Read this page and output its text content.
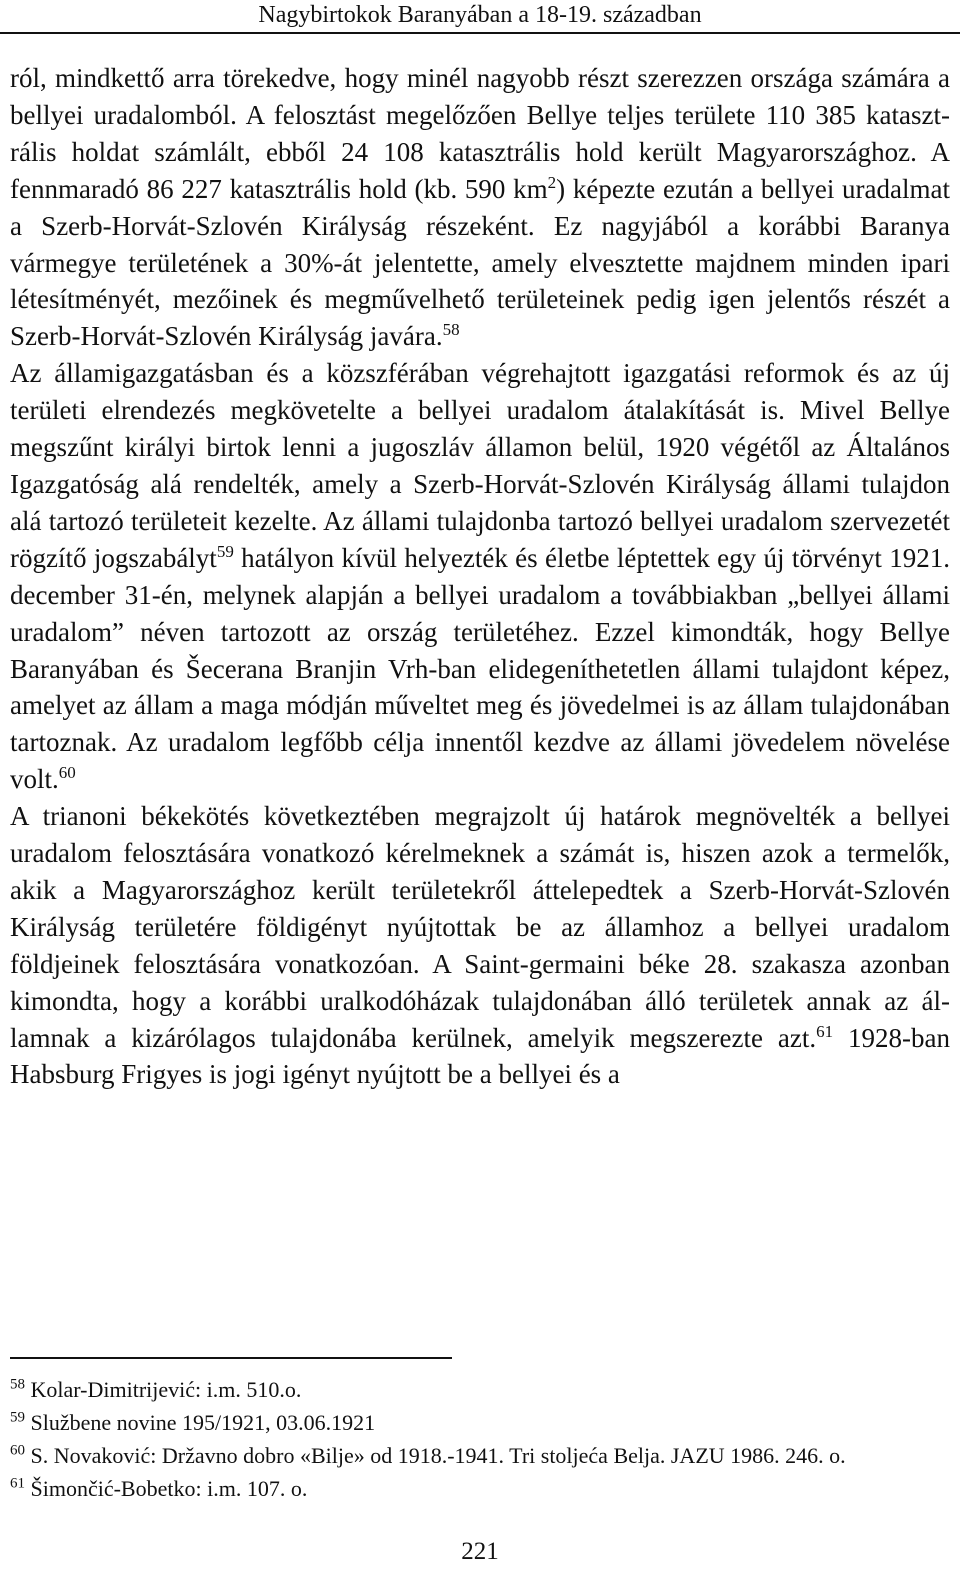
Nagybirtokok Baranyában a 18-19. században

ról, mindkettő arra törekedve, hogy minél nagyobb részt szerezzen országa számára a bellyei uradalomból. A felosztást megelőzően Bellye teljes területe 110 385 katasztrális holdat számlált, ebből 24 108 katasztrális hold került Magyarországhoz. A fennmaradó 86 227 katasztrális hold (kb. 590 $km^2$) képezte ezután a bellyei uradalmat a Szerb-Horvát-Szlovén Királyság részeként. Ez nagyjából a korábbi Baranya vármegye területének a 30%-át jelentette, amely elvesztette majdnem minden ipari létesítményét, mezőinek és megművelhető területeinek pedig igen jelentős részét a Szerb-Horvát-Szlovén Királyság javára.$^{58}$

Az államigazgatásban és a közszférában végrehajtott igazgatási reformok és az új területi elrendezés megkövetelte a bellyei uradalom átalakítását is. Mivel Bellye megszűnt királyi birtok lenni a jugoszláv államon belül, 1920 végétől az Általános Igazgatóság alá rendelték, amely a Szerb-Horvát-Szlovén Királyság állami tulajdon alá tartozó területeit kezelte. Az állami tulajdonba tartozó bellyei uradalom szervezetét rögzítő jogszabályt$^{59}$ hatályon kívül helyezték és életbe léptettek egy új törvényt 1921. december 31-én, melynek alapján a bellyei uradalom a továbbiakban „bellyei állami uradalom” néven tartozott az ország területéhez. Ezzel kimondták, hogy Bellye Baranyában és Šecerana Branjin Vrh-ban elidegeníthetetlen állami tulajdont képez, amelyet az állam a maga módján műveltet meg és jövedelmei is az állam tulajdonában tartoznak. Az uradalom legfőbb célja innentől kezdve az állami jövedelem növelése volt.$^{60}$

A trianoni békekötés következtében megrajzolt új határok megnövelték a bellyei uradalom felosztására vonatkozó kérelmeknek a számát is, hiszen azok a termelők, akik a Magyarországhoz került területekről áttelepedtek a Szerb-Horvát-Szlovén Királyság területére földigényt nyújtottak be az államhoz a bellyei uradalom földjeinek felosztására vonatkozóan. A Saint-germaini béke 28. szakasza azonban kimondta, hogy a korábbi uralkodóházak tulajdonában álló területek annak az államnak a kizárólagos tulajdonába kerülnek, amelyik megszerezte azt.$^{61}$ 1928-ban Habsburg Frigyes is jogi igényt nyújtott be a bellyei és a

$^{58}$ Kolar-Dimitrijević: i.m. 510.o.
$^{59}$ Službene novine 195/1921, 03.06.1921
$^{60}$ S. Novaković: Državno dobro «Bilje» od 1918.-1941. Tri stoljeća Belja. JAZU 1986. 246. o.
$^{61}$ Šimončić-Bobetko: i.m. 107. o.
221
